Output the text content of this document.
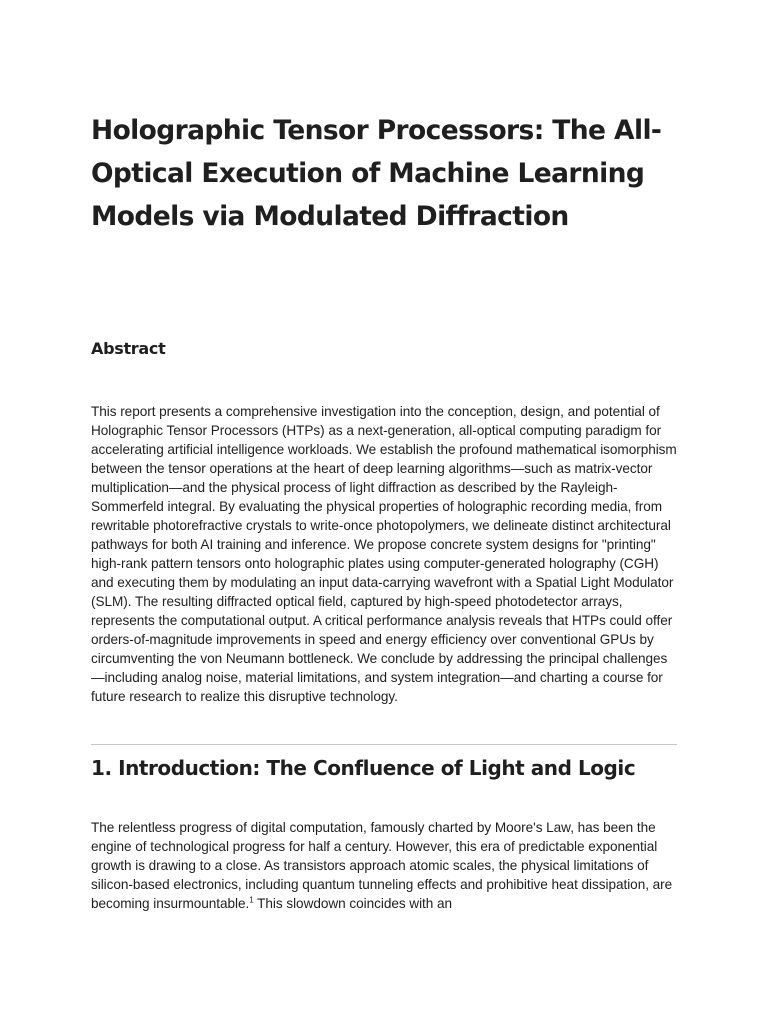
Holographic Tensor Processors: The All-Optical Execution of Machine Learning Models via Modulated Diffraction
Abstract

This report presents a comprehensive investigation into the conception, design, and potential of Holographic Tensor Processors (HTPs) as a next-generation, all-optical computing paradigm for accelerating artificial intelligence workloads. We establish the profound mathematical isomorphism between the tensor operations at the heart of deep learning algorithms—such as matrix-vector multiplication—and the physical process of light diffraction as described by the Rayleigh-Sommerfeld integral. By evaluating the physical properties of holographic recording media, from rewritable photorefractive crystals to write-once photopolymers, we delineate distinct architectural pathways for both AI training and inference. We propose concrete system designs for "printing" high-rank pattern tensors onto holographic plates using computer-generated holography (CGH) and executing them by modulating an input data-carrying wavefront with a Spatial Light Modulator (SLM). The resulting diffracted optical field, captured by high-speed photodetector arrays, represents the computational output. A critical performance analysis reveals that HTPs could offer orders-of-magnitude improvements in speed and energy efficiency over conventional GPUs by circumventing the von Neumann bottleneck. We conclude by addressing the principal challenges—including analog noise, material limitations, and system integration—and charting a course for future research to realize this disruptive technology.

1. Introduction: The Confluence of Light and Logic

The relentless progress of digital computation, famously charted by Moore's Law, has been the engine of technological progress for half a century. However, this era of predictable exponential growth is drawing to a close. As transistors approach atomic scales, the physical limitations of silicon-based electronics, including quantum tunneling effects and prohibitive heat dissipation, are becoming insurmountable.$^1$ This slowdown coincides with an
